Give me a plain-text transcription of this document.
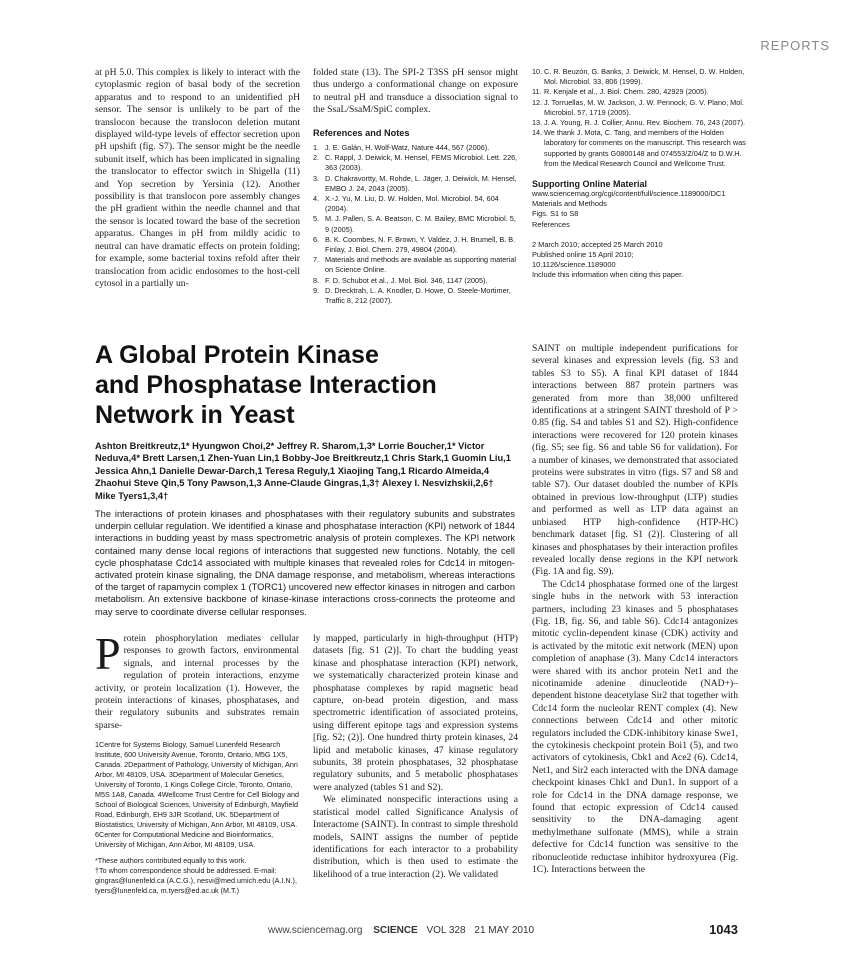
REPORTS

at pH 5.0. This complex is likely to interact with the cytoplasmic region of basal body of the secretion apparatus and to respond to an unidentified pH sensor. The sensor is unlikely to be part of the translocon because the translocon deletion mutant displayed wild-type levels of effector secretion upon pH upshift (fig. S7). The sensor might be the needle subunit itself, which has been implicated in signaling the translocator to effector switch in Shigella (11) and Yop secretion by Yersinia (12). Another possibility is that translocon pore assembly changes the pH gradient within the needle channel and that the sensor is located toward the base of the secretion apparatus. Changes in pH from mildly acidic to neutral can have dramatic effects on protein folding; for example, some bacterial toxins refold after their translocation from acidic endosomes to the host-cell cytosol in a partially un-

folded state (13). The SPI-2 T3SS pH sensor might thus undergo a conformational change on exposure to neutral pH and transduce a dissociation signal to the SsaL/SsaM/SpiC complex.

References and Notes
1. J. E. Galán, H. Wolf-Watz, Nature 444, 567 (2006).
2. C. Rappl, J. Deiwick, M. Hensel, FEMS Microbiol. Lett. 226, 363 (2003).
3. D. Chakravortty, M. Rohde, L. Jäger, J. Deiwick, M. Hensel, EMBO J. 24, 2043 (2005).
4. X.-J. Yu, M. Liu, D. W. Holden, Mol. Microbiol. 54, 604 (2004).
5. M. J. Pallen, S. A. Beatson, C. M. Bailey, BMC Microbiol. 5, 9 (2005).
6. B. K. Coombes, N. F. Brown, Y. Valdez, J. H. Brumell, B. B. Finlay, J. Biol. Chem. 279, 49804 (2004).
7. Materials and methods are available as supporting material on Science Online.
8. F. D. Schubot et al., J. Mol. Biol. 346, 1147 (2005).
9. D. Drecktrah, L. A. Knodler, D. Howe, O. Steele-Mortimer, Traffic 8, 212 (2007).
10. C. R. Beuzón, G. Banks, J. Deiwick, M. Hensel, D. W. Holden, Mol. Microbiol. 33, 806 (1999).
11. R. Kenjale et al., J. Biol. Chem. 280, 42929 (2005).
12. J. Torruellas, M. W. Jackson, J. W. Pennock, G. V. Plano, Mol. Microbiol. 57, 1719 (2005).
13. J. A. Young, R. J. Collier, Annu. Rev. Biochem. 76, 243 (2007).
14. We thank J. Mota, C. Tang, and members of the Holden laboratory for comments on the manuscript. This research was supported by grants G0800148 and 074553/Z/04/Z to D.W.H. from the Medical Research Council and Wellcome Trust.
Supporting Online Material
www.sciencemag.org/cgi/content/full/science.1189000/DC1
Materials and Methods
Figs. S1 to S8
References
2 March 2010; accepted 25 March 2010
Published online 15 April 2010;
10.1126/science.1189000
Include this information when citing this paper.
A Global Protein Kinase
and Phosphatase Interaction
Network in Yeast
Ashton Breitkreutz,1* Hyungwon Choi,2* Jeffrey R. Sharom,1,3* Lorrie Boucher,1* Victor Neduva,4* Brett Larsen,1 Zhen-Yuan Lin,1 Bobby-Joe Breitkreutz,1 Chris Stark,1 Guomin Liu,1 Jessica Ahn,1 Danielle Dewar-Darch,1 Teresa Reguly,1 Xiaojing Tang,1 Ricardo Almeida,4 Zhaohui Steve Qin,5 Tony Pawson,1,3 Anne-Claude Gingras,1,3† Alexey I. Nesvizhskii,2,6† Mike Tyers1,3,4†
The interactions of protein kinases and phosphatases with their regulatory subunits and substrates underpin cellular regulation. We identified a kinase and phosphatase interaction (KPI) network of 1844 interactions in budding yeast by mass spectrometric analysis of protein complexes. The KPI network contained many dense local regions of interactions that suggested new functions. Notably, the cell cycle phosphatase Cdc14 associated with multiple kinases that revealed roles for Cdc14 in mitogen-activated protein kinase signaling, the DNA damage response, and metabolism, whereas interactions of the target of rapamycin complex 1 (TORC1) uncovered new effector kinases in nitrogen and carbon metabolism. An extensive backbone of kinase-kinase interactions cross-connects the proteome and may serve to coordinate diverse cellular responses.

Protein phosphorylation mediates cellular responses to growth factors, environmental signals, and internal processes by the regulation of protein interactions, enzyme activity, or protein localization (1). However, the protein interactions of kinases, phosphatases, and their regulatory subunits and substrates remain sparse-

1Centre for Systems Biology, Samuel Lunenfeld Research Institute, 600 University Avenue, Toronto, Ontario, M5G 1X5, Canada. 2Department of Pathology, University of Michigan, Ann Arbor, MI 48109, USA. 3Department of Molecular Genetics, University of Toronto, 1 Kings College Circle, Toronto, Ontario, M5S 1A8, Canada. 4Wellcome Trust Centre for Cell Biology and School of Biological Sciences, University of Edinburgh, Mayfield Road, Edinburgh, EH9 3JR Scotland, UK. 5Department of Biostatistics, University of Michigan, Ann Arbor, MI 48109, USA. 6Center for Computational Medicine and Bioinformatics, University of Michigan, Ann Arbor, MI 48109, USA.

*These authors contributed equally to this work.

†To whom correspondence should be addressed. E-mail: gingras@lunenfeld.ca (A.C.G.), nesvi@med.umich.edu (A.I.N.), tyers@lunenfeld.ca, m.tyers@ed.ac.uk (M.T.)

ly mapped, particularly in high-throughput (HTP) datasets [fig. S1 (2)]. To chart the budding yeast kinase and phosphatase interaction (KPI) network, we systematically characterized protein kinase and phosphatase complexes by rapid magnetic bead capture, on-bead protein digestion, and mass spectrometric identification of associated proteins, using different epitope tags and expression systems [fig. S2; (2)]. One hundred thirty protein kinases, 24 lipid and metabolic kinases, 47 kinase regulatory subunits, 38 protein phosphatases, 32 phosphatase regulatory subunits, and 5 metabolic phosphatases were analyzed (tables S1 and S2).

We eliminated nonspecific interactions using a statistical model called Significance Analysis of Interactome (SAINT). In contrast to simple threshold models, SAINT assigns the number of peptide identifications for each interactor to a probability distribution, which is then used to estimate the likelihood of a true interaction (2). We validated

SAINT on multiple independent purifications for several kinases and expression levels (fig. S3 and tables S3 to S5). A final KPI dataset of 1844 interactions between 887 protein partners was generated from more than 38,000 unfiltered identifications at a stringent SAINT threshold of P > 0.85 (fig. S4 and tables S1 and S2). High-confidence interactions were recovered for 120 protein kinases (fig. S5; see fig. S6 and table S6 for validation). For a number of kinases, we demonstrated that associated proteins were substrates in vitro (figs. S7 and S8 and table S7). Our dataset doubled the number of KPIs obtained in previous low-throughput (LTP) studies and performed as well as LTP data against an unbiased HTP high-confidence (HTP-HC) benchmark dataset [fig. S1 (2)]. Clustering of all kinases and phosphatases by their interaction profiles revealed locally dense regions in the KPI network (Fig. 1A and fig. S9).

The Cdc14 phosphatase formed one of the largest single hubs in the network with 53 interaction partners, including 23 kinases and 5 phosphatases (Fig. 1B, fig. S6, and table S6). Cdc14 antagonizes mitotic cyclin-dependent kinase (CDK) activity and is activated by the mitotic exit network (MEN) upon completion of anaphase (3). Many Cdc14 interactors were shared with its anchor protein Net1 and the nicotinamide adenine dinucleotide (NAD+)–dependent histone deacetylase Sir2 that together with Cdc14 form the nucleolar RENT complex (4). New connections between Cdc14 and other mitotic regulators included the CDK-inhibitory kinase Swe1, the cytokinesis checkpoint protein Boi1 (5), and two activators of cytokinesis, Cbk1 and Ace2 (6). Cdc14, Net1, and Sir2 each interacted with the DNA damage checkpoint kinases Chk1 and Dun1. In support of a role for Cdc14 in the DNA damage response, we found that ectopic expression of Cdc14 caused sensitivity to the DNA-damaging agent methylmethane sulfonate (MMS), while a strain defective for Cdc14 function was sensitive to the ribonucleotide reductase inhibitor hydroxyurea (Fig. 1C). Interactions between the

www.sciencemag.org SCIENCE VOL 328 21 MAY 2010	1043
